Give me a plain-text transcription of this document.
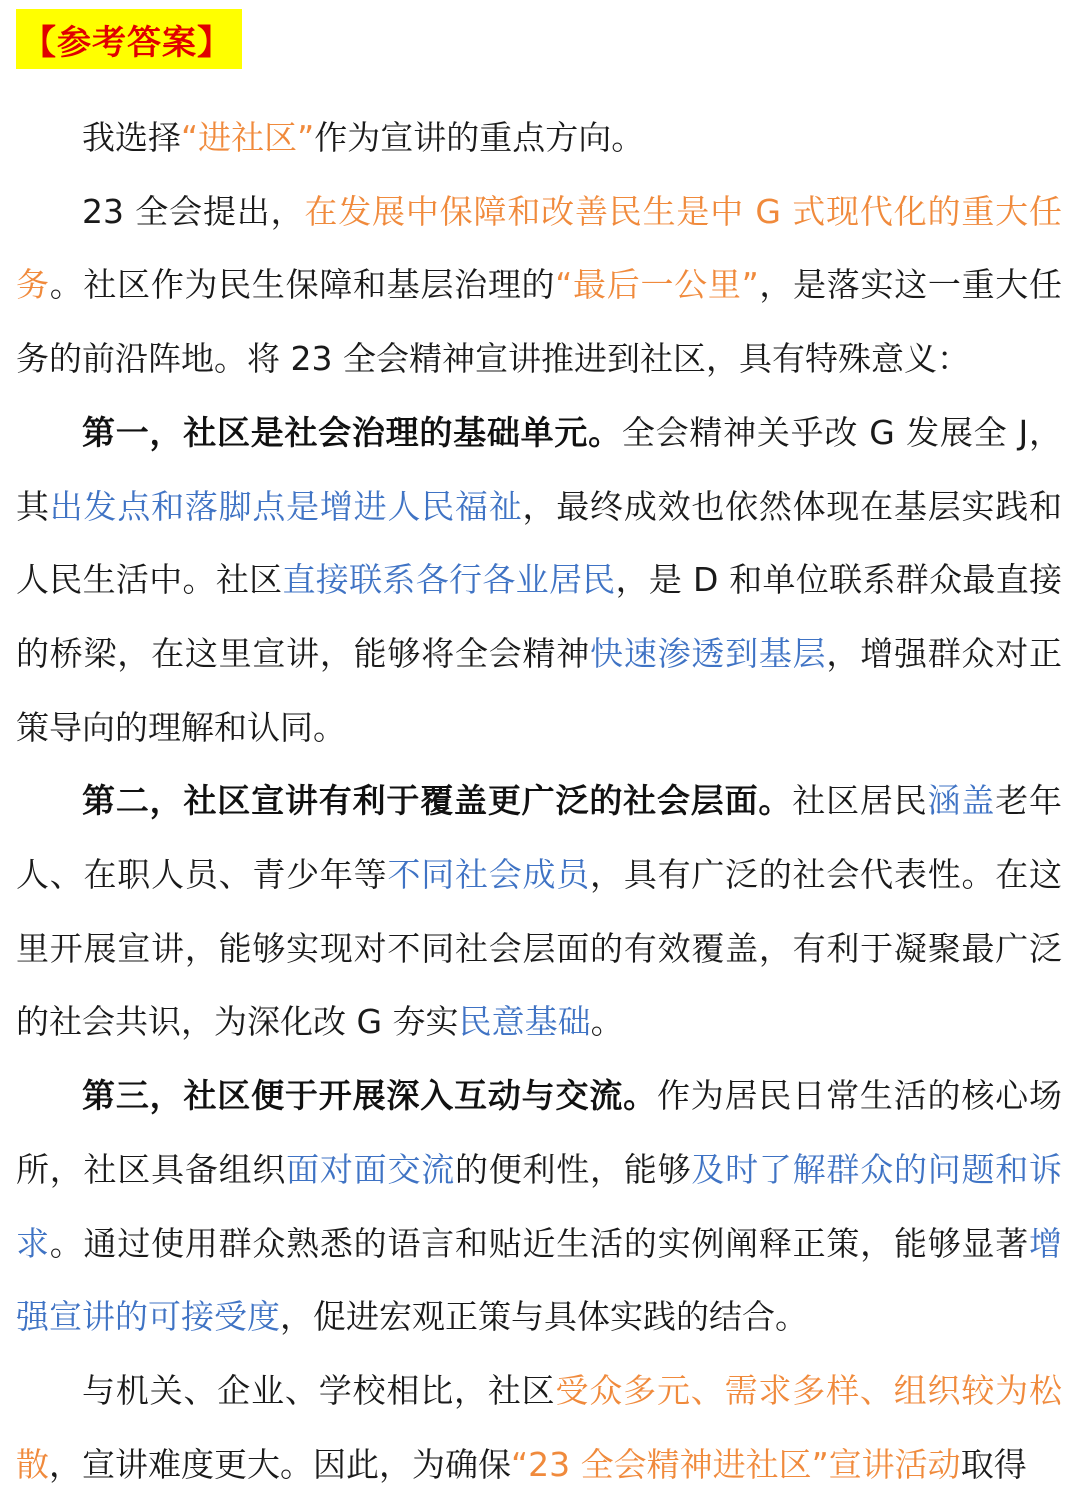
【 参考答案 】

我选择“进社区”作为宣讲的重点方向。

23 全会提出，在发展中保障和改善民生是中 G 式现代化的重大任务。社区作为民生保障和基层治理的“最后一公里”，是落实这一重大任务的前沿阵地。将 23 全会精神宣讲推进到社区，具有特殊意义：

第一，社区是社会治理的基础单元。全会精神关乎改 G 发展全 J，其出发点和落脚点是增进人民福祉，最终成效也依然体现在基层实践和人民生活中。社区直接联系各行各业居民，是 D 和单位联系群众最直接的桥梁，在这里宣讲，能够将全会精神快速渗透到基层，增强群众对正策导向的理解和认同。

第二，社区宣讲有利于覆盖更广泛的社会层面。社区居民涵盖老年人、在职人员、青少年等不同社会成员，具有广泛的社会代表性。在这里开展宣讲，能够实现对不同社会层面的有效覆盖，有利于凝聚最广泛的社会共识，为深化改 G 夯实民意基础。

第三，社区便于开展深入互动与交流。作为居民日常生活的核心场所，社区具备组织面对面交流的便利性，能够及时了解群众的问题和诉求。通过使用群众熟悉的语言和贴近生活的实例阐释正策，能够显著增强宣讲的可接受度，促进宏观正策与具体实践的结合。

与机关、企业、学校相比，社区受众多元、需求多样、组织较为松散，宣讲难度更大。因此，为确保“23 全会精神进社区”宣讲活动取得
